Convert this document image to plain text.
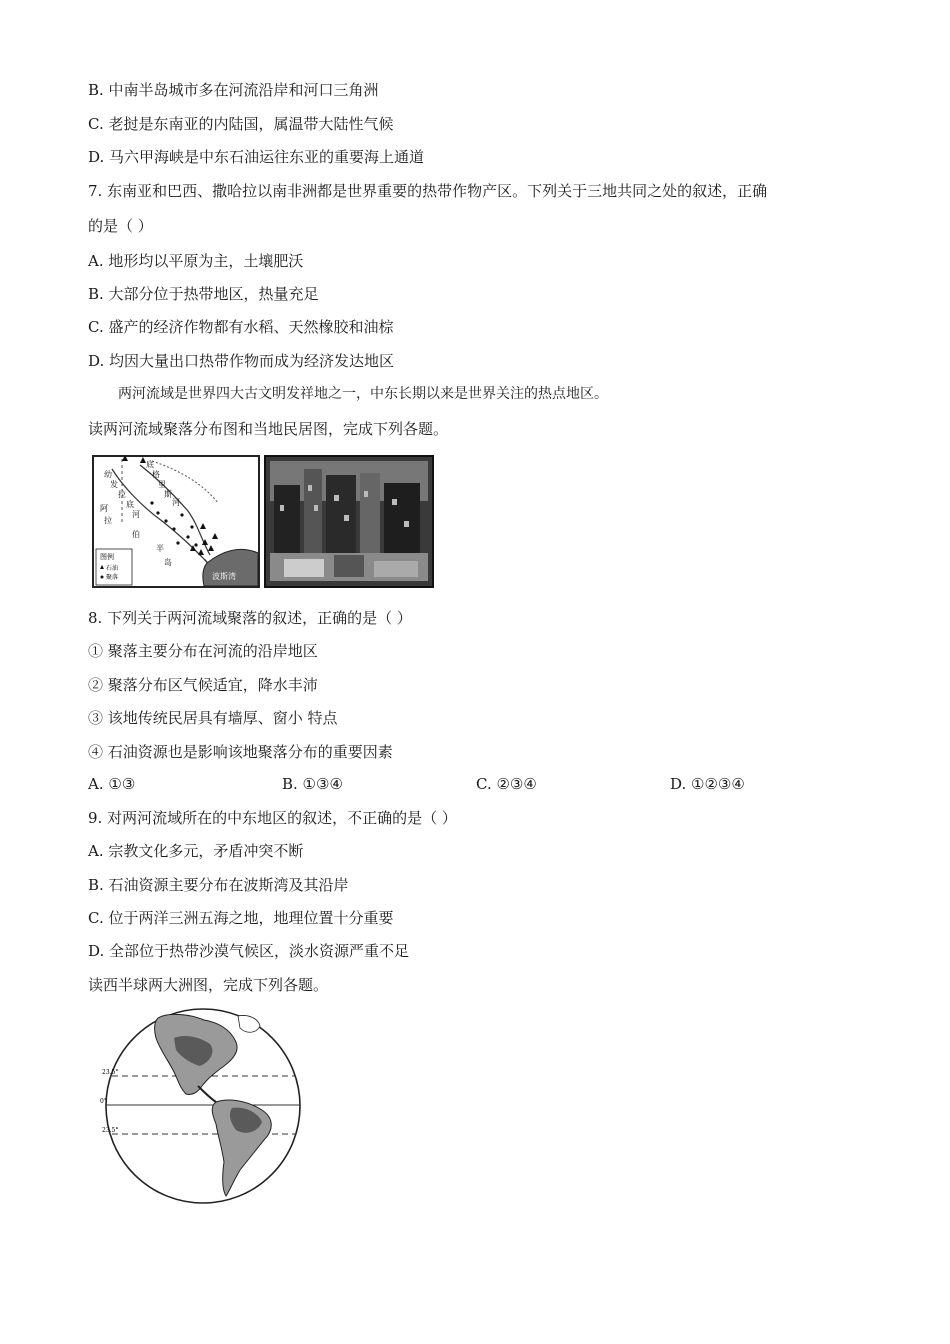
B. 中南半岛城市多在河流沿岸和河口三角洲
C. 老挝是东南亚的内陆国，属温带大陆性气候
D. 马六甲海峡是中东石油运往东亚的重要海上通道
7. 东南亚和巴西、撒哈拉以南非洲都是世界重要的热带作物产区。下列关于三地共同之处的叙述，正确
的是（ ）
A. 地形均以平原为主，土壤肥沃
B. 大部分位于热带地区，热量充足
C. 盛产的经济作物都有水稻、天然橡胶和油棕
D. 均因大量出口热带作物而成为经济发达地区
两河流域是世界四大古文明发祥地之一，中东长期以来是世界关注的热点地区。
读两河流域聚落分布图和当地民居图，完成下列各题。
幼
发
拉
底
河
阿
拉
伯
半
岛
底
格
里
斯
河
图例
石油
聚落	波斯湾
8. 下列关于两河流域聚落的叙述，正确的是（ ）
① 聚落主要分布在河流的沿岸地区
② 聚落分布区气候适宜，降水丰沛
③ 该地传统民居具有墙厚、窗小 特点
④ 石油资源也是影响该地聚落分布的重要因素
A. ①③	B. ①③④	C. ②③④	D. ①②③④
9. 对两河流域所在的中东地区的叙述，不正确的是（ ）
A. 宗教文化多元，矛盾冲突不断
B. 石油资源主要分布在波斯湾及其沿岸
C. 位于两洋三洲五海之地，地理位置十分重要
D. 全部位于热带沙漠气候区，淡水资源严重不足
读西半球两大洲图，完成下列各题。
23.5°
0°
23.5°
